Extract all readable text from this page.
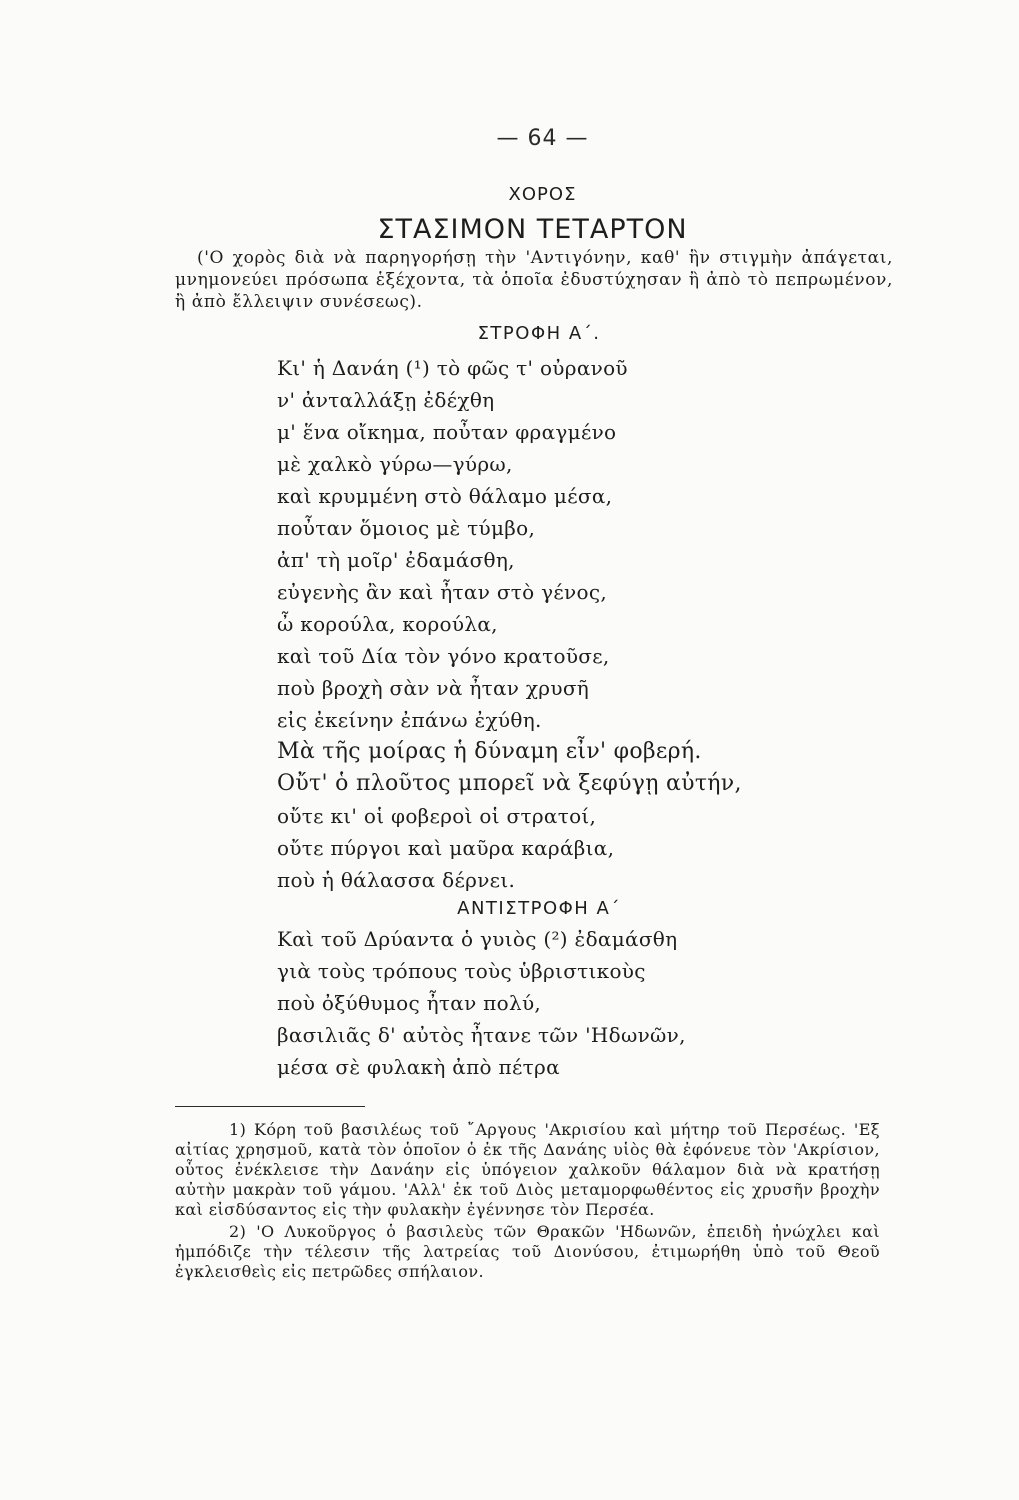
— 64 —
ΧΟΡΟΣ
ΣΤΑΣΙΜΟΝ ΤΕΤΑΡΤΟΝ

('Ο χορὸς διὰ νὰ παρηγορήσῃ τὴν 'Αντιγόνην, καθ' ἣν στιγμὴν ἀπάγεται, μνημονεύει πρόσωπα ἑξέχοντα, τὰ ὁποῖα ἐδυστύχησαν ἢ ἀπὸ τὸ πεπρωμένον, ἢ ἀπὸ ἔλλειψιν συνέσεως).

ΣΤΡΟΦΗ Α΄.
Κι' ἡ Δανάη (¹) τὸ φῶς τ' οὐρανοῦ
ν' ἀνταλλάξῃ ἐδέχθη
μ' ἕνα οἴκημα, ποὖταν φραγμένο
μὲ χαλκὸ γύρω—γύρω,
καὶ κρυμμένη στὸ θάλαμο μέσα,
ποὖταν ὅμοιος μὲ τύμβο,
ἀπ' τὴ μοῖρ' ἐδαμάσθη,
εὐγενὴς ἂν καὶ ἦταν στὸ γένος,
ὦ κορούλα, κορούλα,
καὶ τοῦ Δία τὸν γόνο κρατοῦσε,
ποὺ βροχὴ σὰν νὰ ἦταν χρυσῆ
εἰς ἐκείνην ἐπάνω ἐχύθη.
Μὰ τῆς μοίρας ἡ δύναμη εἶν' φοβερή.
Οὔτ' ὁ πλοῦτος μπορεῖ νὰ ξεφύγῃ αὐτήν,
οὔτε κι' οἱ φοβεροὶ οἱ στρατοί,
οὔτε πύργοι καὶ μαῦρα καράβια,
ποὺ ἡ θάλασσα δέρνει.
ΑΝΤΙΣΤΡΟΦΗ Α΄
Καὶ τοῦ Δρύαντα ὁ γυιὸς (²) ἐδαμάσθη
γιὰ τοὺς τρόπους τοὺς ὑβριστικοὺς
ποὺ ὀξύθυμος ἦταν πολύ,
βασιλιᾶς δ' αὐτὸς ἦτανε τῶν 'Ηδωνῶν,
μέσα σὲ φυλακὴ ἀπὸ πέτρα

1) Κόρη τοῦ βασιλέως τοῦ ῎Αργους 'Ακρισίου καὶ μήτηρ τοῦ Περσέως. 'Εξ αἰτίας χρησμοῦ, κατὰ τὸν ὁποῖον ὁ ἐκ τῆς Δανάης υἱὸς θὰ ἐφόνευε τὸν 'Ακρίσιον, οὗτος ἐνέκλεισε τὴν Δανάην εἰς ὑπόγειον χαλκοῦν θάλαμον διὰ νὰ κρατήσῃ αὐτὴν μακρὰν τοῦ γάμου. 'Αλλ' ἐκ τοῦ Διὸς μεταμορφωθέντος εἰς χρυσῆν βροχὴν καὶ εἰσδύσαντος εἰς τὴν φυλακὴν ἐγέννησε τὸν Περσέα.

2) 'Ο Λυκοῦργος ὁ βασιλεὺς τῶν Θρακῶν 'Ηδωνῶν, ἐπειδὴ ἠνώχλει καὶ ἠμπόδιζε τὴν τέλεσιν τῆς λατρείας τοῦ Διονύσου, ἐτιμωρήθη ὑπὸ τοῦ Θεοῦ ἐγκλεισθεὶς εἰς πετρῶδες σπήλαιον.
